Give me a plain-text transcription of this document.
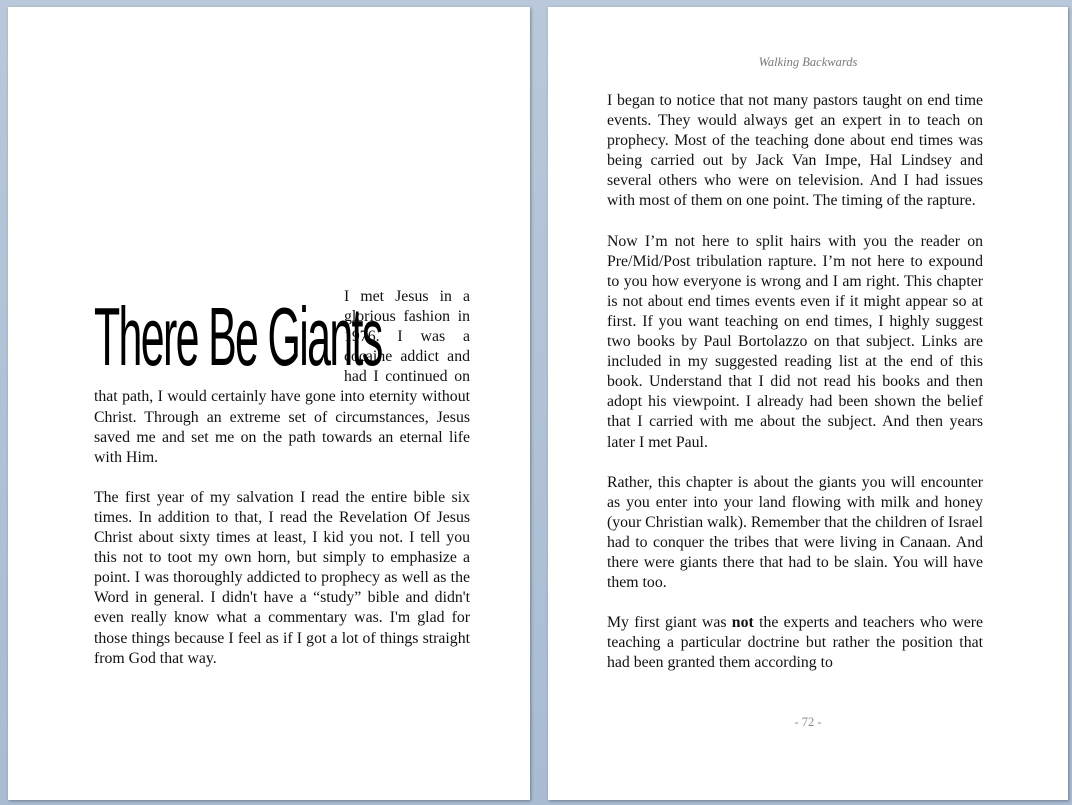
There Be Giants

I met Jesus in a glorious fashion in 1976. I was a cocaine addict and had I continued on that path, I would certainly have gone into eternity without Christ. Through an extreme set of circumstances, Jesus saved me and set me on the path towards an eternal life with Him.

The first year of my salvation I read the entire bible six times. In addition to that, I read the Revelation Of Jesus Christ about sixty times at least, I kid you not. I tell you this not to toot my own horn, but simply to emphasize a point. I was thoroughly addicted to prophecy as well as the Word in general. I didn't have a “study” bible and didn't even really know what a commentary was. I'm glad for those things because I feel as if I got a lot of things straight from God that way.

Walking Backwards

I began to notice that not many pastors taught on end time events. They would always get an expert in to teach on prophecy. Most of the teaching done about end times was being carried out by Jack Van Impe, Hal Lindsey and several others who were on television. And I had issues with most of them on one point. The timing of the rapture.

Now I’m not here to split hairs with you the reader on Pre/Mid/Post tribulation rapture. I’m not here to expound to you how everyone is wrong and I am right. This chapter is not about end times events even if it might appear so at first. If you want teaching on end times, I highly suggest two books by Paul Bortolazzo on that subject. Links are included in my suggested reading list at the end of this book. Understand that I did not read his books and then adopt his viewpoint. I already had been shown the belief that I carried with me about the subject. And then years later I met Paul.

Rather, this chapter is about the giants you will encounter as you enter into your land flowing with milk and honey (your Christian walk). Remember that the children of Israel had to conquer the tribes that were living in Canaan. And there were giants there that had to be slain. You will have them too.

My first giant was not the experts and teachers who were teaching a particular doctrine but rather the position that had been granted them according to

- 72 -
